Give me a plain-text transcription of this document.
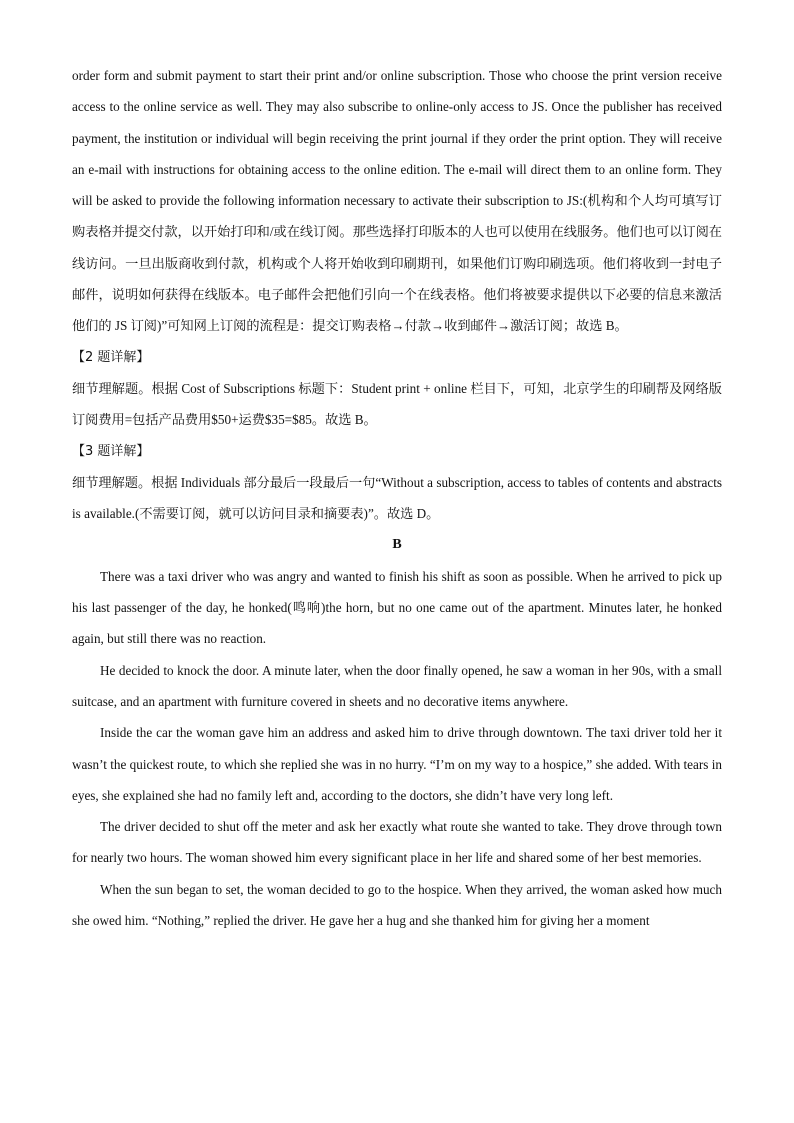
order form and submit payment to start their print and/or online subscription. Those who choose the print version receive access to the online service as well. They may also subscribe to online-only access to JS. Once the publisher has received payment, the institution or individual will begin receiving the print journal if they order the print option. They will receive an e-mail with instructions for obtaining access to the online edition. The e-mail will direct them to an online form. They will be asked to provide the following information necessary to activate their subscription to JS:(机构和个人均可填写订购表格并提交付款，以开始打印和/或在线订阅。那些选择打印版本的人也可以使用在线服务。他们也可以订阅在线访问。一旦出版商收到付款，机构或个人将开始收到印刷期刊，如果他们订购印刷选项。他们将收到一封电子邮件，说明如何获得在线版本。电子邮件会把他们引向一个在线表格。他们将被要求提供以下必要的信息来激活他们的 JS 订阅)”可知网上订阅的流程是：提交订购表格→付款→收到邮件→激活订阅；故选 B。

【2 题详解】

细节理解题。根据 Cost of Subscriptions 标题下：Student print + online 栏目下，可知，北京学生的印刷帮及网络版订阅费用=包括产品费用$50+运费$35=$85。故选 B。

【3 题详解】

细节理解题。根据 Individuals 部分最后一段最后一句“Without a subscription, access to tables of contents and abstracts is available.(不需要订阅，就可以访问目录和摘要表)”。故选 D。

B

There was a taxi driver who was angry and wanted to finish his shift as soon as possible. When he arrived to pick up his last passenger of the day, he honked(鸣响)the horn, but no one came out of the apartment. Minutes later, he honked again, but still there was no reaction.

He decided to knock the door. A minute later, when the door finally opened, he saw a woman in her 90s, with a small suitcase, and an apartment with furniture covered in sheets and no decorative items anywhere.

Inside the car the woman gave him an address and asked him to drive through downtown. The taxi driver told her it wasn’t the quickest route, to which she replied she was in no hurry. “I’m on my way to a hospice,” she added. With tears in eyes, she explained she had no family left and, according to the doctors, she didn’t have very long left.

The driver decided to shut off the meter and ask her exactly what route she wanted to take. They drove through town for nearly two hours. The woman showed him every significant place in her life and shared some of her best memories.

When the sun began to set, the woman decided to go to the hospice. When they arrived, the woman asked how much she owed him. “Nothing,” replied the driver. He gave her a hug and she thanked him for giving her a moment
